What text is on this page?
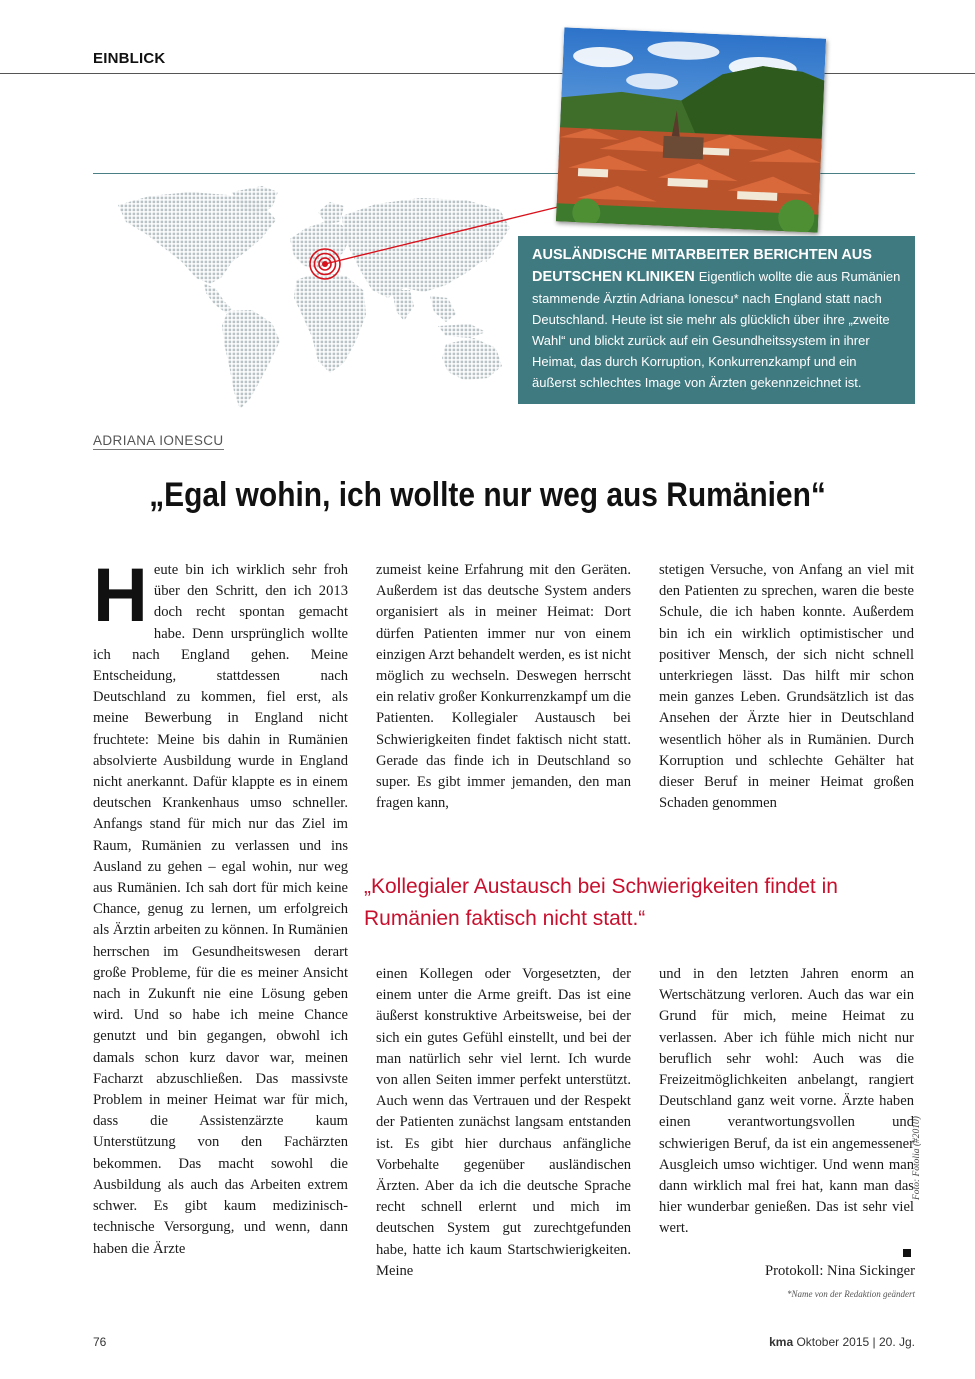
EINBLICK
AUSLÄNDISCHE MITARBEITER BERICHTEN AUS DEUTSCHEN KLINIKEN Eigentlich wollte die aus Rumänien stammende Ärztin Adriana Ionescu* nach England statt nach Deutschland. Heute ist sie mehr als glücklich über ihre „zweite Wahl“ und blickt zurück auf ein Gesundheitssystem in ihrer Heimat, das durch Korruption, Konkurrenzkampf und ein äußerst schlechtes Image von Ärzten gekennzeichnet ist.
ADRIANA IONESCU
„Egal wohin, ich wollte nur weg aus Rumänien“

Heute bin ich wirklich sehr froh über den Schritt, den ich 2013 doch recht spontan gemacht habe. Denn ursprünglich wollte ich nach England gehen. Meine Entscheidung, stattdessen nach Deutschland zu kommen, fiel erst, als meine Bewerbung in England nicht fruchtete: Meine bis dahin in Rumänien absolvierte Ausbildung wurde in England nicht anerkannt. Dafür klappte es in einem deutschen Krankenhaus umso schneller. Anfangs stand für mich nur das Ziel im Raum, Rumänien zu verlassen und ins Ausland zu gehen – egal wohin, nur weg aus Rumänien. Ich sah dort für mich keine Chance, genug zu lernen, um erfolgreich als Ärztin arbeiten zu können. In Rumänien herrschen im Gesundheitswesen derart große Probleme, für die es meiner Ansicht nach in Zukunft nie eine Lösung geben wird. Und so habe ich meine Chance genutzt und bin gegangen, obwohl ich damals schon kurz davor war, meinen Facharzt abzuschließen. Das massivste Problem in meiner Heimat war für mich, dass die Assistenzärzte kaum Unterstützung von den Fachärzten bekommen. Das macht sowohl die Ausbildung als auch das Arbeiten extrem schwer. Es gibt kaum medizinisch-technische Versorgung, und wenn, dann haben die Ärzte

zumeist keine Erfahrung mit den Geräten. Außerdem ist das deutsche System anders organisiert als in meiner Heimat: Dort dürfen Patienten immer nur von einem einzigen Arzt behandelt werden, es ist nicht möglich zu wechseln. Deswegen herrscht ein relativ großer Konkurrenzkampf um die Patienten. Kollegialer Austausch bei Schwierigkeiten findet faktisch nicht statt. Gerade das finde ich in Deutschland so super. Es gibt immer jemanden, den man fragen kann,

stetigen Versuche, von Anfang an viel mit den Patienten zu sprechen, waren die beste Schule, die ich haben konnte. Außerdem bin ich ein wirklich optimistischer und positiver Mensch, der sich nicht schnell unterkriegen lässt. Das hilft mir schon mein ganzes Leben. Grundsätzlich ist das Ansehen der Ärzte hier in Deutschland wesentlich höher als in Rumänien. Durch Korruption und schlechte Gehälter hat dieser Beruf in meiner Heimat großen Schaden genommen

„Kollegialer Austausch bei Schwierigkeiten findet in Rumänien faktisch nicht statt.“

einen Kollegen oder Vorgesetzten, der einem unter die Arme greift. Das ist eine äußerst konstruktive Arbeitsweise, bei der sich ein gutes Gefühl einstellt, und bei der man natürlich sehr viel lernt. Ich wurde von allen Seiten immer perfekt unterstützt. Auch wenn das Vertrauen und der Respekt der Patienten zunächst langsam entstanden ist. Es gibt hier durchaus anfängliche Vorbehalte gegenüber ausländischen Ärzten. Aber da ich die deutsche Sprache recht schnell erlernt und mich im deutschen System gut zurechtgefunden habe, hatte ich kaum Startschwierigkeiten. Meine

und in den letzten Jahren enorm an Wertschätzung verloren. Auch das war ein Grund für mich, meine Heimat zu verlassen. Aber ich fühle mich nicht nur beruflich sehr wohl: Auch was die Freizeitmöglichkeiten anbelangt, rangiert Deutschland ganz weit vorne. Ärzte haben einen verantwortungsvollen und schwierigen Beruf, da ist ein angemessener Ausgleich umso wichtiger. Und wenn man dann wirklich mal frei hat, kann man das hier wunderbar genießen. Das ist sehr viel wert.

Protokoll: Nina Sickinger
*Name von der Redaktion geändert
Foto: Fotolia (#2010)
76	kma Oktober 2015 | 20. Jg.
